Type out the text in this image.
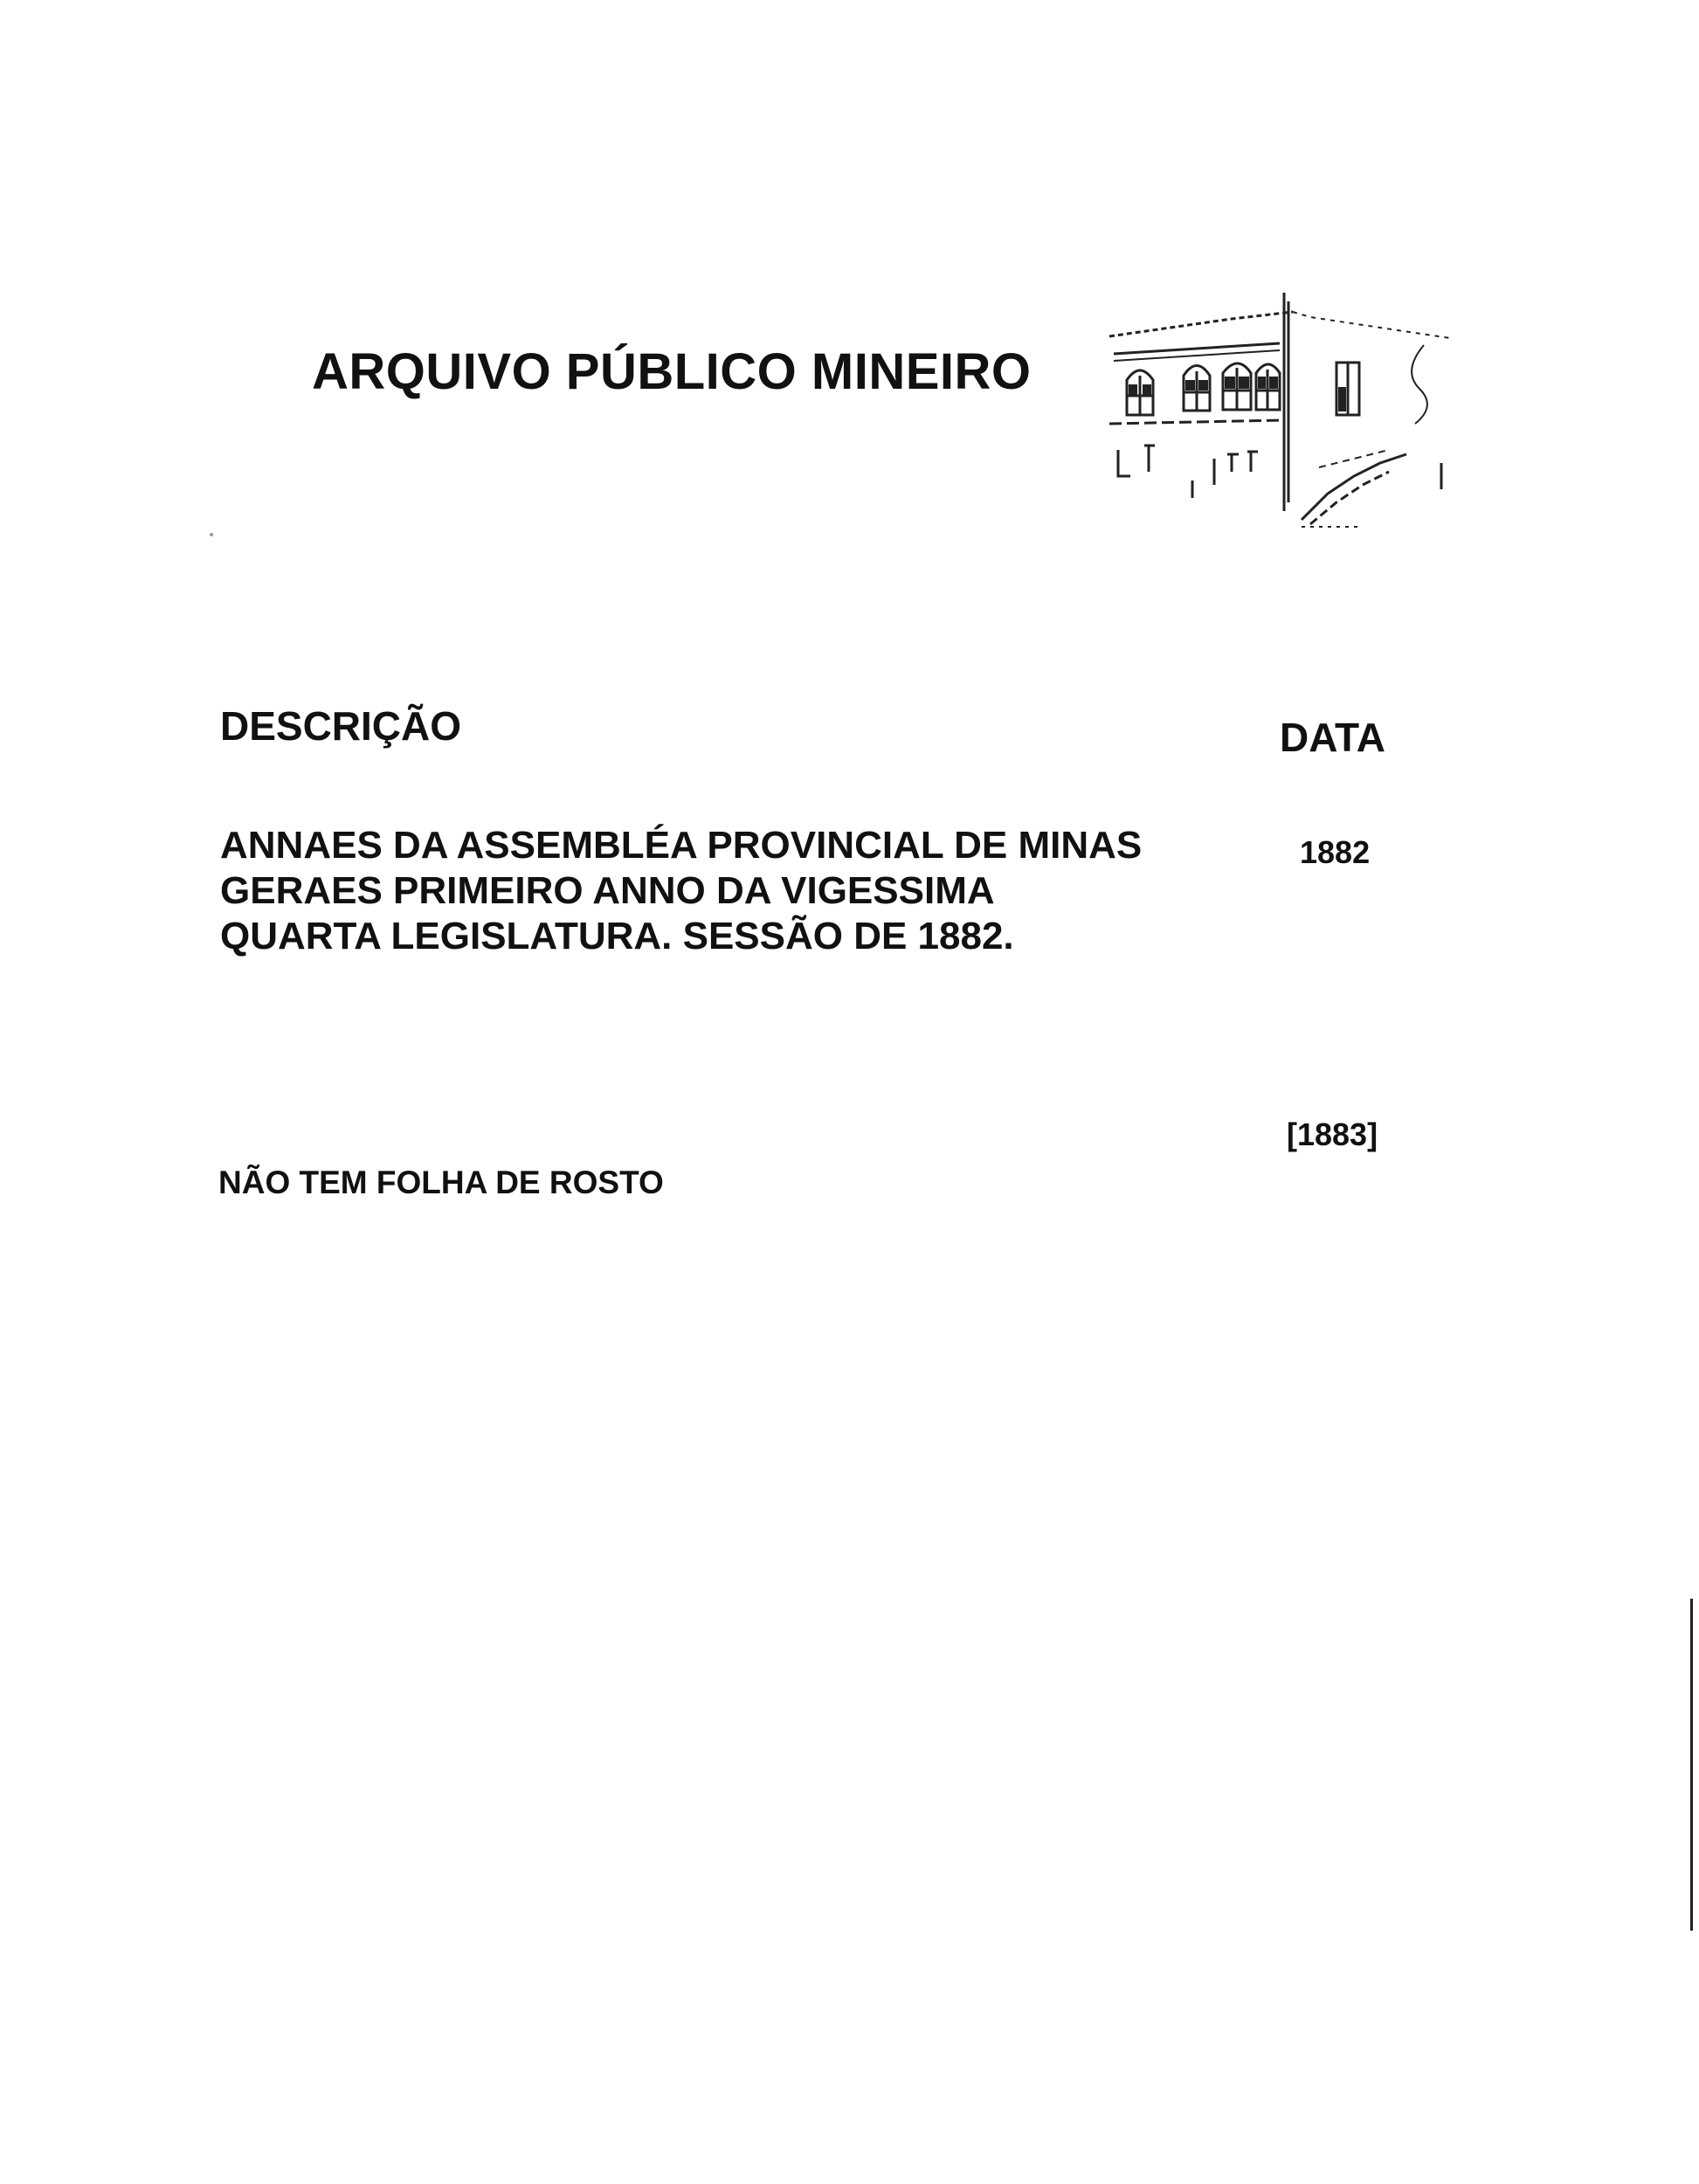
ARQUIVO PÚBLICO MINEIRO
DESCRIÇÃO	DATA
ANNAES DA ASSEMBLÉA PROVINCIAL DE MINAS GERAES PRIMEIRO ANNO DA VIGESSIMA QUARTA LEGISLATURA. SESSÃO DE 1882.
1882
[1883]
NÃO TEM FOLHA DE ROSTO
